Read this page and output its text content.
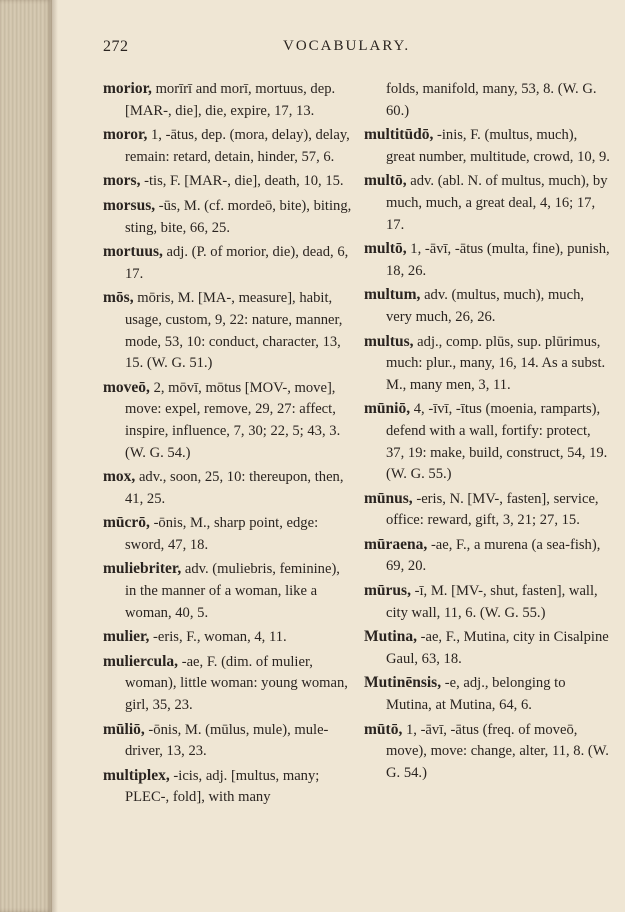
272	VOCABULARY.
morior, morīrī and morī, mortuus, dep. [MAR-, die], die, expire, 17, 13.
moror, 1, -ātus, dep. (mora, delay), delay, remain: retard, detain, hinder, 57, 6.
mors, -tis, F. [MAR-, die], death, 10, 15.
morsus, -ūs, M. (cf. mordeō, bite), biting, sting, bite, 66, 25.
mortuus, adj. (P. of morior, die), dead, 6, 17.
mōs, mōris, M. [MA-, measure], habit, usage, custom, 9, 22: nature, manner, mode, 53, 10: conduct, character, 13, 15. (W. G. 51.)
moveō, 2, mōvī, mōtus [MOV-, move], move: expel, remove, 29, 27: affect, inspire, influence, 7, 30; 22, 5; 43, 3. (W. G. 54.)
mox, adv., soon, 25, 10: thereupon, then, 41, 25.
mūcrō, -ōnis, M., sharp point, edge: sword, 47, 18.
muliebriter, adv. (muliebris, feminine), in the manner of a woman, like a woman, 40, 5.
mulier, -eris, F., woman, 4, 11.
muliercula, -ae, F. (dim. of mulier, woman), little woman: young woman, girl, 35, 23.
mūliō, -ōnis, M. (mūlus, mule), mule-driver, 13, 23.
multiplex, -icis, adj. [multus, many; PLEC-, fold], with many
folds, manifold, many, 53, 8. (W. G. 60.)
multitūdō, -inis, F. (multus, much), great number, multitude, crowd, 10, 9.
multō, adv. (abl. N. of multus, much), by much, much, a great deal, 4, 16; 17, 17.
multō, 1, -āvī, -ātus (multa, fine), punish, 18, 26.
multum, adv. (multus, much), much, very much, 26, 26.
multus, adj., comp. plūs, sup. plūrimus, much: plur., many, 16, 14. As a subst. M., many men, 3, 11.
mūniō, 4, -īvī, -ītus (moenia, ramparts), defend with a wall, fortify: protect, 37, 19: make, build, construct, 54, 19. (W. G. 55.)
mūnus, -eris, N. [MV-, fasten], service, office: reward, gift, 3, 21; 27, 15.
mūraena, -ae, F., a murena (a sea-fish), 69, 20.
mūrus, -ī, M. [MV-, shut, fasten], wall, city wall, 11, 6. (W. G. 55.)
Mutina, -ae, F., Mutina, city in Cisalpine Gaul, 63, 18.
Mutinēnsis, -e, adj., belonging to Mutina, at Mutina, 64, 6.
mūtō, 1, -āvī, -ātus (freq. of moveō, move), move: change, alter, 11, 8. (W. G. 54.)
